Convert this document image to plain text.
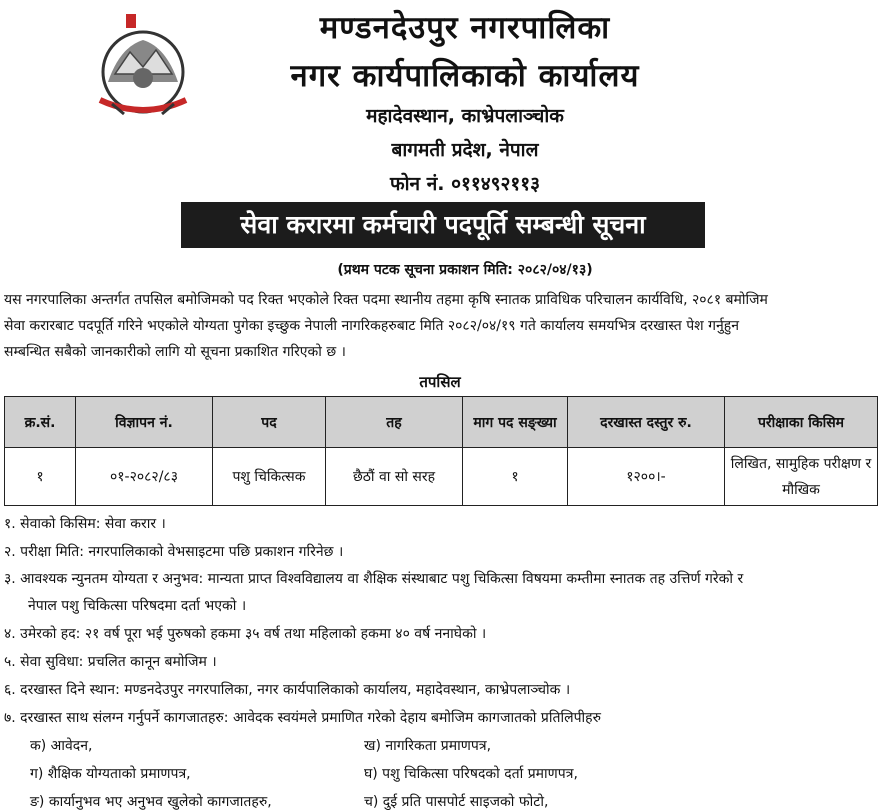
मण्डनदेउपुर नगरपालिका
नगर कार्यपालिकाको कार्यालय
महादेवस्थान, काभ्रेपलाञ्चोक
बागमती प्रदेश, नेपाल
फोन नं. ०११४९२११३
सेवा करारमा कर्मचारी पदपूर्ति सम्बन्धी सूचना
(प्रथम पटक सूचना प्रकाशन मिति: २०८२/०४/१३)
यस नगरपालिका अन्तर्गत तपसिल बमोजिमको पद रिक्त भएकोले रिक्त पदमा स्थानीय तहमा कृषि स्नातक प्राविधिक परिचालन कार्यविधि, २०८१ बमोजिम
सेवा करारबाट पदपूर्ति गरिने भएकोले योग्यता पुगेका इच्छुक नेपाली नागरिकहरुबाट मिति २०८२/०४/१९ गते कार्यालय समयभित्र दरखास्त पेश गर्नुहुन
सम्बन्धित सबैको जानकारीको लागि यो सूचना प्रकाशित गरिएको छ ।
तपसिल
क्र.सं.	विज्ञापन नं.	पद	तह	माग पद सङ्ख्या	दरखास्त दस्तुर रु.	परीक्षाका किसिम
१	०१-२०८२/८३	पशु चिकित्सक	छैठौं वा सो सरह	१	१२००।-	लिखित, सामुहिक परीक्षण र मौखिक
१. सेवाको किसिम: सेवा करार ।
२. परीक्षा मिति: नगरपालिकाको वेभसाइटमा पछि प्रकाशन गरिनेछ ।
३. आवश्यक न्युनतम योग्यता र अनुभव: मान्यता प्राप्त विश्वविद्यालय वा शैक्षिक संस्थाबाट पशु चिकित्सा विषयमा कम्तीमा स्नातक तह उत्तिर्ण गरेको र
नेपाल पशु चिकित्सा परिषदमा दर्ता भएको ।
४. उमेरको हद: २१ वर्ष पूरा भई पुरुषको हकमा ३५ वर्ष तथा महिलाको हकमा ४० वर्ष ननाघेको ।
५. सेवा सुविधा: प्रचलित कानून बमोजिम ।
६. दरखास्त दिने स्थान: मण्डनदेउपुर नगरपालिका, नगर कार्यपालिकाको कार्यालय, महादेवस्थान, काभ्रेपलाञ्चोक ।
७. दरखास्त साथ संलग्न गर्नुपर्ने कागजातहरु: आवेदक स्वयंमले प्रमाणित गरेको देहाय बमोजिम कागजातको प्रतिलिपीहरु
क) आवेदन,	ख) नागरिकता प्रमाणपत्र,
ग) शैक्षिक योग्यताको प्रमाणपत्र,	घ) पशु चिकित्सा परिषदको दर्ता प्रमाणपत्र,
ङ) कार्यानुभव भए अनुभव खुलेको कागजातहरु,	च) दुई प्रति पासपोर्ट साइजको फोटो,
